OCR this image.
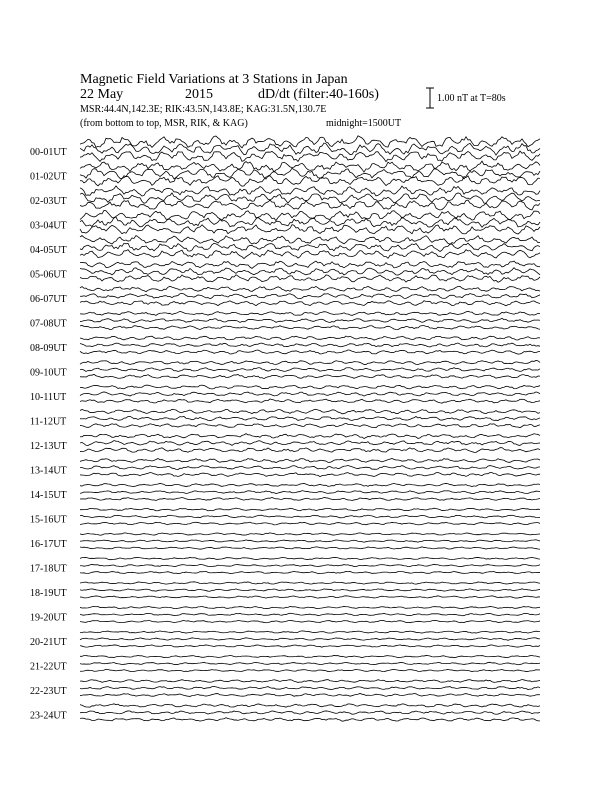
Magnetic Field Variations at 3 Stations in Japan
22 May	2015	dD/dt (filter:40-160s)
MSR:44.4N,142.3E; RIK:43.5N,143.8E; KAG:31.5N,130.7E
(from bottom to top, MSR, RIK, & KAG)	midnight=1500UT
1.00 nT at T=80s
00-01UT
01-02UT
02-03UT
03-04UT
04-05UT
05-06UT
06-07UT
07-08UT
08-09UT
09-10UT
10-11UT
11-12UT
12-13UT
13-14UT
14-15UT
15-16UT
16-17UT
17-18UT
18-19UT
19-20UT
20-21UT
21-22UT
22-23UT
23-24UT
